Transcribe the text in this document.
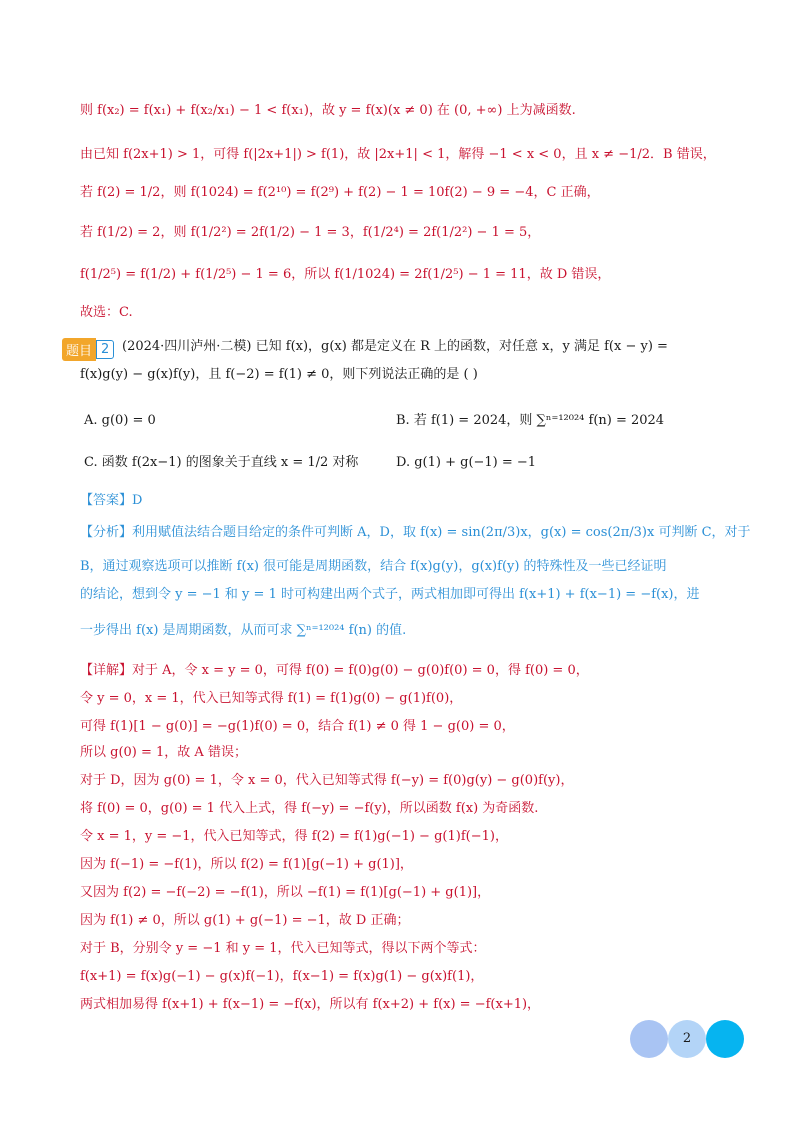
则 f(x₂) = f(x₁) + f(x₂/x₁) − 1 < f(x₁)，故 y = f(x)(x ≠ 0) 在 (0, +∞) 上为减函数.
由已知 f(2x+1) > 1，可得 f(|2x+1|) > f(1)，故 |2x+1| < 1，解得 −1 < x < 0，且 x ≠ −1/2．B 错误，
若 f(2) = 1/2，则 f(1024) = f(2¹⁰) = f(2⁹) + f(2) − 1 = 10f(2) − 9 = −4，C 正确，
若 f(1/2) = 2，则 f(1/2²) = 2f(1/2) − 1 = 3，f(1/2⁴) = 2f(1/2²) − 1 = 5，
f(1/2⁵) = f(1/2) + f(1/2⁵) − 1 = 6，所以 f(1/1024) = 2f(1/2⁵) − 1 = 11，故 D 错误，
故选：C.
题目 2 (2024·四川泸州·二模) 已知 f(x)，g(x) 都是定义在 R 上的函数，对任意 x，y 满足 f(x − y) =
f(x)g(y) − g(x)f(y)，且 f(−2) = f(1) ≠ 0，则下列说法正确的是 ( )
A. g(0) = 0	B. 若 f(1) = 2024，则 ∑ⁿ⁼¹²⁰²⁴ f(n) = 2024
C. 函数 f(2x−1) 的图象关于直线 x = 1/2 对称	D. g(1) + g(−1) = −1
【答案】D
【分析】利用赋值法结合题目给定的条件可判断 A，D，取 f(x) = sin(2π/3)x，g(x) = cos(2π/3)x 可判断 C，对于
B，通过观察选项可以推断 f(x) 很可能是周期函数，结合 f(x)g(y)，g(x)f(y) 的特殊性及一些已经证明
的结论，想到令 y = −1 和 y = 1 时可构建出两个式子，两式相加即可得出 f(x+1) + f(x−1) = −f(x)，进
一步得出 f(x) 是周期函数，从而可求 ∑ⁿ⁼¹²⁰²⁴ f(n) 的值.
【详解】对于 A，令 x = y = 0，可得 f(0) = f(0)g(0) − g(0)f(0) = 0，得 f(0) = 0，
令 y = 0，x = 1，代入已知等式得 f(1) = f(1)g(0) − g(1)f(0)，
可得 f(1)[1 − g(0)] = −g(1)f(0) = 0，结合 f(1) ≠ 0 得 1 − g(0) = 0，
所以 g(0) = 1，故 A 错误；
对于 D，因为 g(0) = 1，令 x = 0，代入已知等式得 f(−y) = f(0)g(y) − g(0)f(y)，
将 f(0) = 0，g(0) = 1 代入上式，得 f(−y) = −f(y)，所以函数 f(x) 为奇函数.
令 x = 1，y = −1，代入已知等式，得 f(2) = f(1)g(−1) − g(1)f(−1)，
因为 f(−1) = −f(1)，所以 f(2) = f(1)[g(−1) + g(1)]，
又因为 f(2) = −f(−2) = −f(1)，所以 −f(1) = f(1)[g(−1) + g(1)]，
因为 f(1) ≠ 0，所以 g(1) + g(−1) = −1，故 D 正确；
对于 B，分别令 y = −1 和 y = 1，代入已知等式，得以下两个等式：
f(x+1) = f(x)g(−1) − g(x)f(−1)，f(x−1) = f(x)g(1) − g(x)f(1)，
两式相加易得 f(x+1) + f(x−1) = −f(x)，所以有 f(x+2) + f(x) = −f(x+1)，
2
